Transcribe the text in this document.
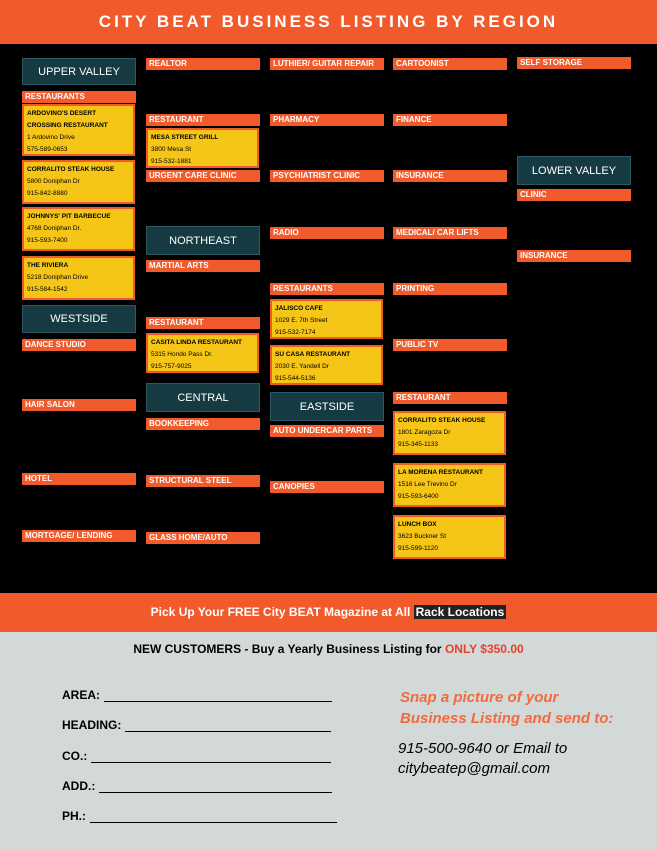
CITY BEAT BUSINESS LISTING BY REGION
UPPER VALLEY
RESTAURANTS
ARDOVINO'S DESERT
CROSSING RESTAURANT
1 Ardovino Drive
575-589-0653
CORRALITO STEAK HOUSE
5800 Doniphan Dr
915-842-8880
JOHNNYS' PIT BARBECUE
4768 Doniphan Dr.
915-593-7400
THE RIVIERA
5218 Doniphan Drive
915-584-1542
WESTSIDE
DANCE STUDIO
HAIR SALON
HOTEL
MORTGAGE/ LENDING
REALTOR
RESTAURANT
MESA STREET GRILL
3800 Mesa St
915-532-1881
URGENT CARE CLINIC
NORTHEAST
MARTIAL ARTS
RESTAURANT
CASITA LINDA RESTAURANT
5315 Hondo Pass Dr.
915-757-9025
CENTRAL
BOOKKEEPING
STRUCTURAL STEEL
GLASS HOME/AUTO
LUTHIER/ GUITAR REPAIR
PHARMACY
PSYCHIATRIST CLINIC
RADIO
RESTAURANTS
JALISCO CAFE
1029 E. 7th Street
915-532-7174
SU CASA RESTAURANT
2030 E. Yandell Dr
915-544-5136
EASTSIDE
AUTO UNDERCAR PARTS
CANOPIES
CARTOONIST
FINANCE
INSURANCE
MEDICAL/ CAR LIFTS
PRINTING
PUBLIC TV
RESTAURANT
CORRALITO STEAK HOUSE
1801 Zaragoza Dr
915-345-1133
LA MORENA RESTAURANT
1516 Lee Trevino Dr
915-593-6400
LUNCH BOX
3623 Buckner St
915-599-1120
SELF STORAGE
LOWER VALLEY
CLINIC
INSURANCE
Pick Up Your FREE City BEAT Magazine at All Rack Locations
NEW CUSTOMERS - Buy a Yearly Business Listing for ONLY $350.00
AREA:
HEADING:
CO.:
ADD.:
PH.:
Snap a picture of your
Business Listing and send to:
915-500-9640 or Email to
citybeatep@gmail.com
